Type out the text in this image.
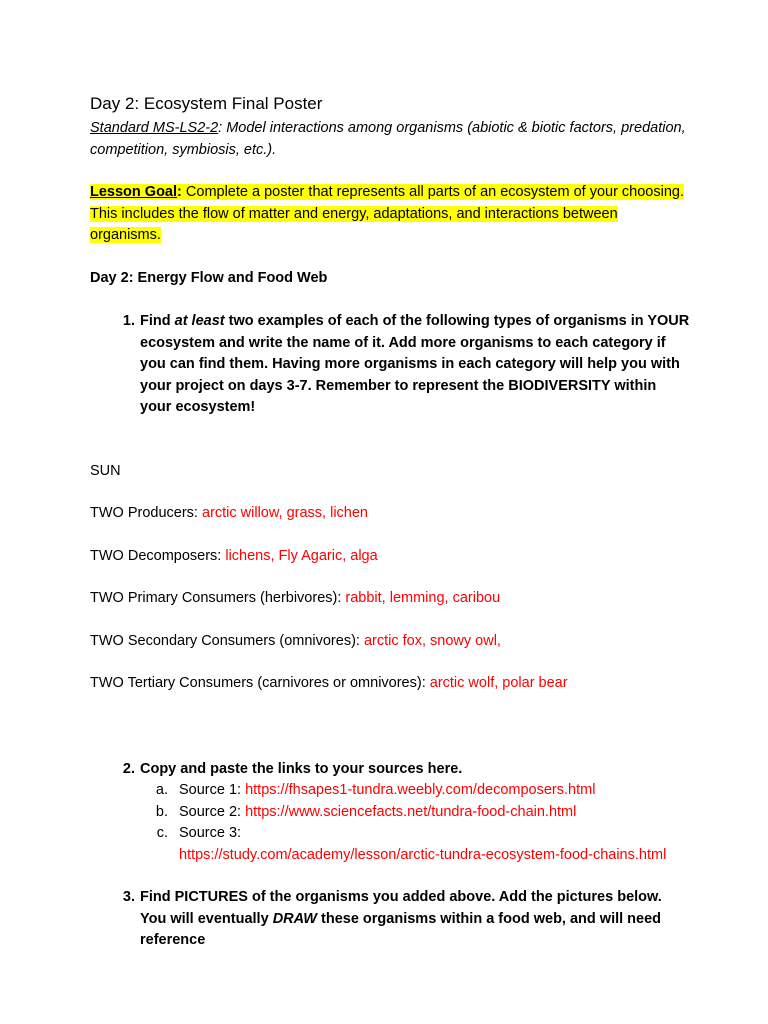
Day 2: Ecosystem Final Poster

Standard MS-LS2-2: Model interactions among organisms (abiotic & biotic factors, predation, competition, symbiosis, etc.).

Lesson Goal: Complete a poster that represents all parts of an ecosystem of your choosing. This includes the flow of matter and energy, adaptations, and interactions between organisms.
Day 2: Energy Flow and Food Web
1. Find at least two examples of each of the following types of organisms in YOUR ecosystem and write the name of it. Add more organisms to each category if you can find them. Having more organisms in each category will help you with your project on days 3-7. Remember to represent the BIODIVERSITY within your ecosystem!
SUN
TWO Producers: arctic willow, grass, lichen
TWO Decomposers: lichens, Fly Agaric, alga
TWO Primary Consumers (herbivores): rabbit, lemming, caribou
TWO Secondary Consumers (omnivores): arctic fox, snowy owl,
TWO Tertiary Consumers (carnivores or omnivores): arctic wolf, polar bear
2. Copy and paste the links to your sources here.
a. Source 1: https://fhsapes1-tundra.weebly.com/decomposers.html
b. Source 2: https://www.sciencefacts.net/tundra-food-chain.html
c. Source 3:
https://study.com/academy/lesson/arctic-tundra-ecosystem-food-chains.html
3. Find PICTURES of the organisms you added above. Add the pictures below. You will eventually DRAW these organisms within a food web, and will need reference
